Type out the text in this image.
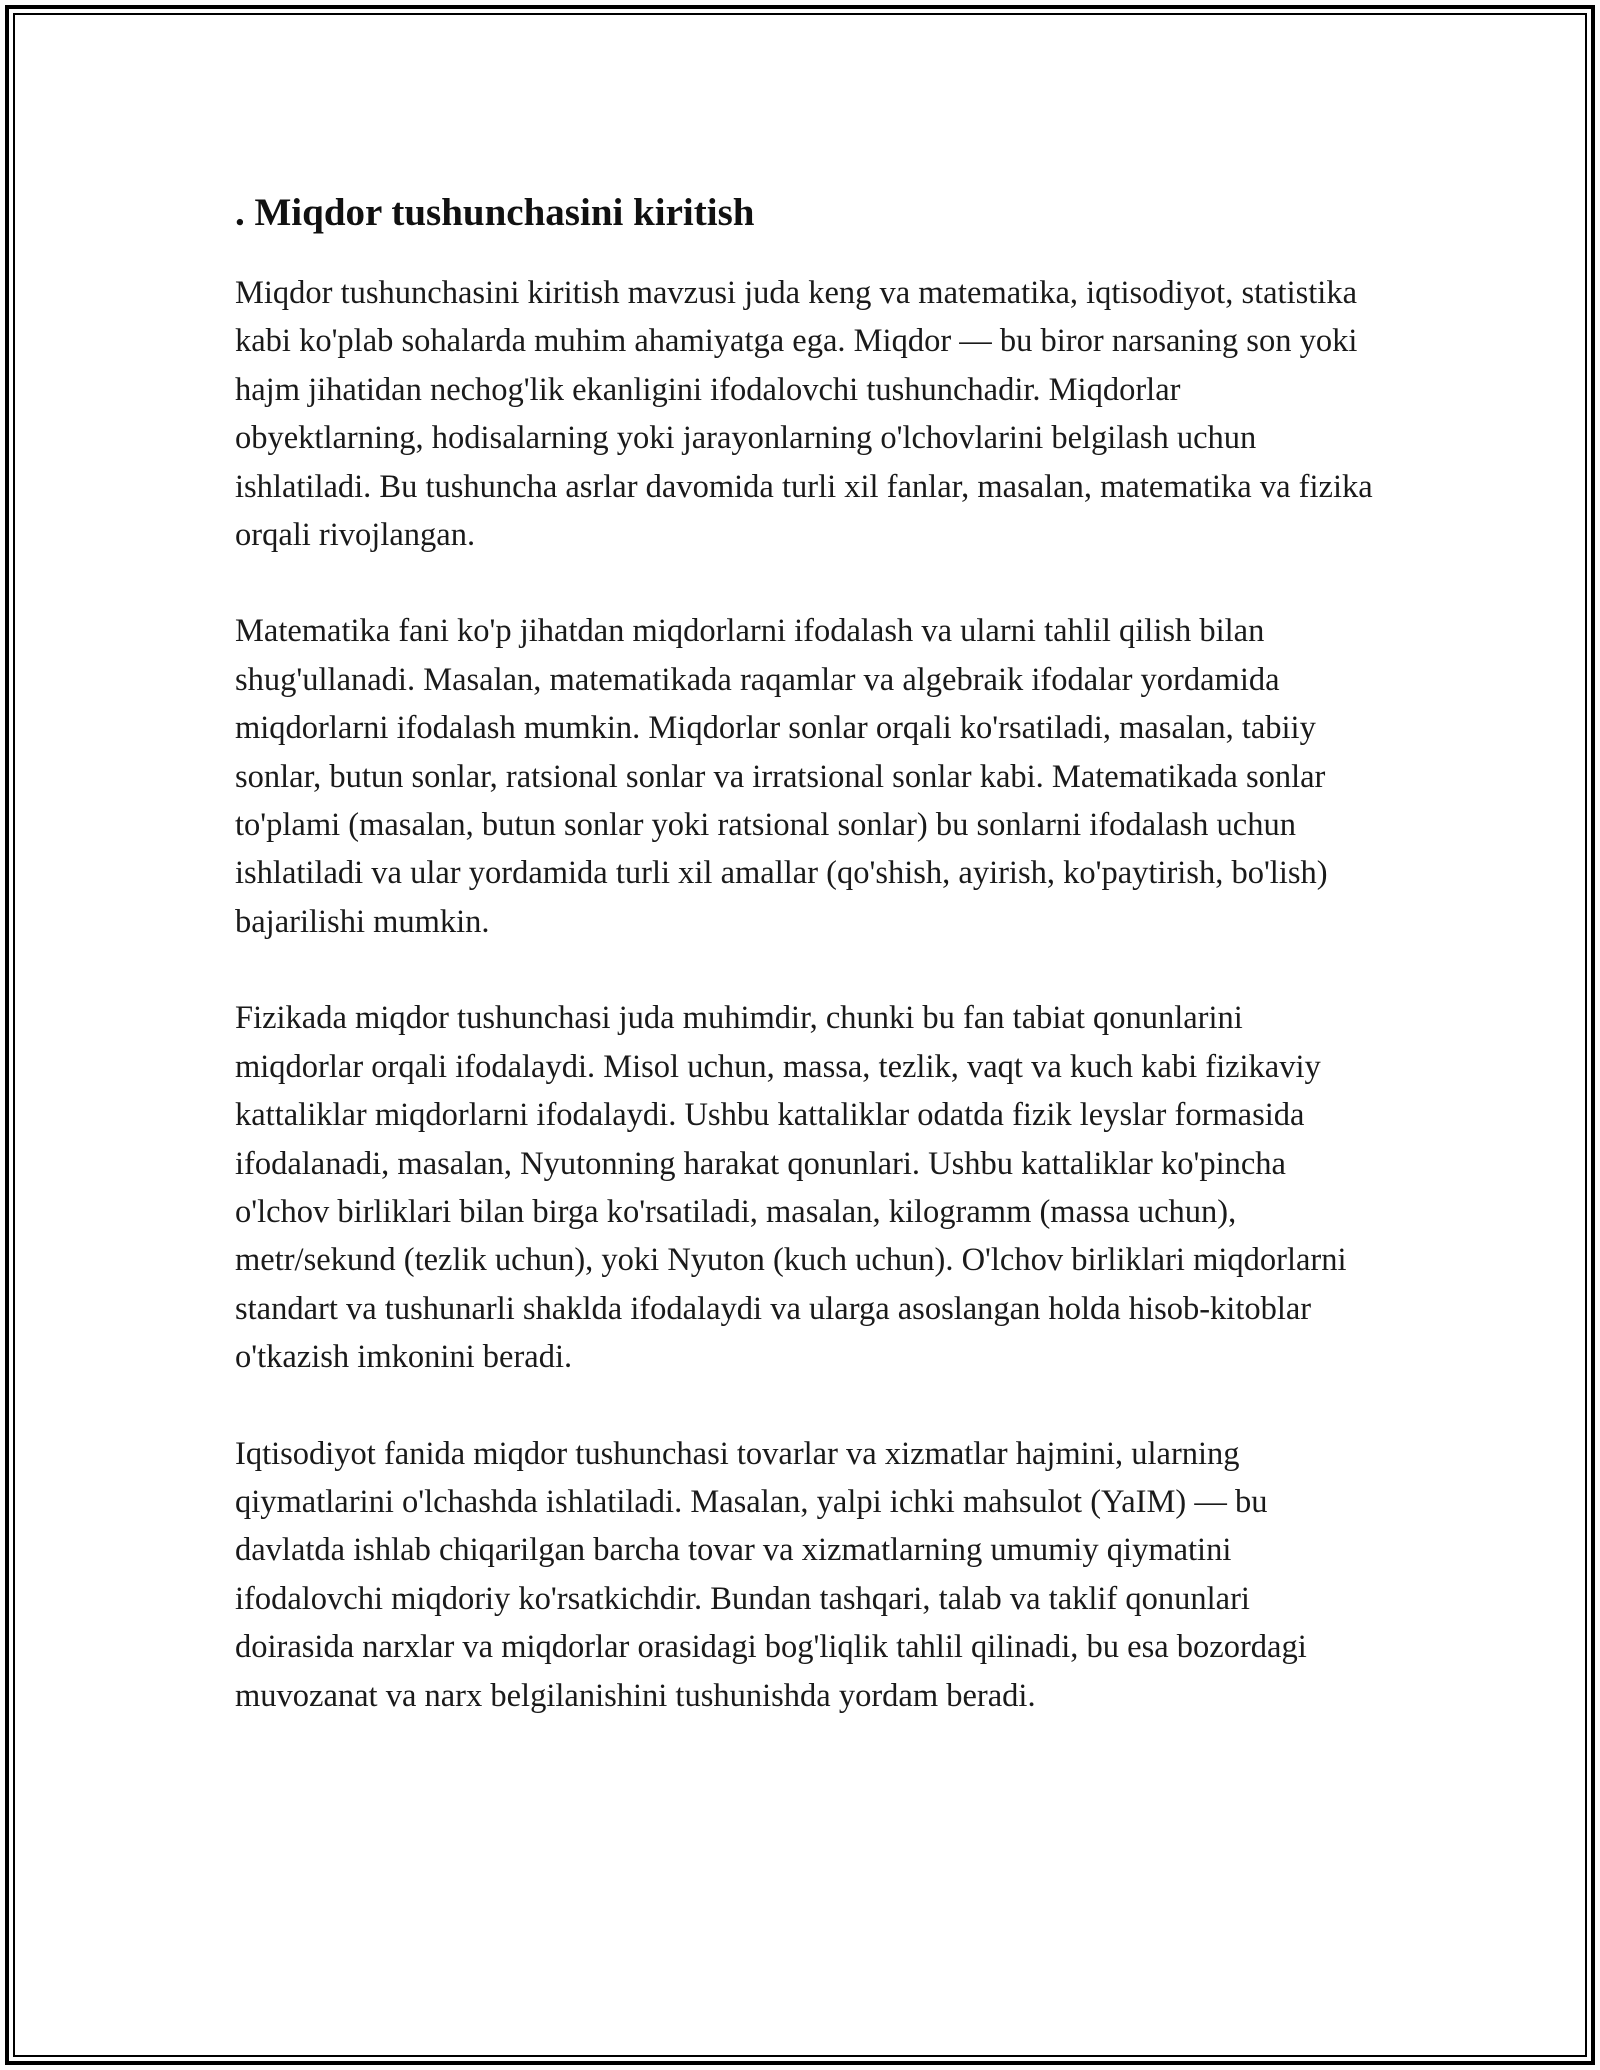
. Miqdor tushunchasini kiritish

Miqdor tushunchasini kiritish mavzusi juda keng va matematika, iqtisodiyot, statistika kabi ko'plab sohalarda muhim ahamiyatga ega. Miqdor — bu biror narsaning son yoki hajm jihatidan nechog'lik ekanligini ifodalovchi tushunchadir. Miqdorlar obyektlarning, hodisalarning yoki jarayonlarning o'lchovlarini belgilash uchun ishlatiladi. Bu tushuncha asrlar davomida turli xil fanlar, masalan, matematika va fizika orqali rivojlangan.

Matematika fani ko'p jihatdan miqdorlarni ifodalash va ularni tahlil qilish bilan shug'ullanadi. Masalan, matematikada raqamlar va algebraik ifodalar yordamida miqdorlarni ifodalash mumkin. Miqdorlar sonlar orqali ko'rsatiladi, masalan, tabiiy sonlar, butun sonlar, ratsional sonlar va irratsional sonlar kabi. Matematikada sonlar to'plami (masalan, butun sonlar yoki ratsional sonlar) bu sonlarni ifodalash uchun ishlatiladi va ular yordamida turli xil amallar (qo'shish, ayirish, ko'paytirish, bo'lish) bajarilishi mumkin.

Fizikada miqdor tushunchasi juda muhimdir, chunki bu fan tabiat qonunlarini miqdorlar orqali ifodalaydi. Misol uchun, massa, tezlik, vaqt va kuch kabi fizikaviy kattaliklar miqdorlarni ifodalaydi. Ushbu kattaliklar odatda fizik leyslar formasida ifodalanadi, masalan, Nyutonning harakat qonunlari. Ushbu kattaliklar ko'pincha o'lchov birliklari bilan birga ko'rsatiladi, masalan, kilogramm (massa uchun), metr/sekund (tezlik uchun), yoki Nyuton (kuch uchun). O'lchov birliklari miqdorlarni standart va tushunarli shaklda ifodalaydi va ularga asoslangan holda hisob-kitoblar o'tkazish imkonini beradi.

Iqtisodiyot fanida miqdor tushunchasi tovarlar va xizmatlar hajmini, ularning qiymatlarini o'lchashda ishlatiladi. Masalan, yalpi ichki mahsulot (YaIM) — bu davlatda ishlab chiqarilgan barcha tovar va xizmatlarning umumiy qiymatini ifodalovchi miqdoriy ko'rsatkichdir. Bundan tashqari, talab va taklif qonunlari doirasida narxlar va miqdorlar orasidagi bog'liqlik tahlil qilinadi, bu esa bozordagi muvozanat va narx belgilanishini tushunishda yordam beradi.
